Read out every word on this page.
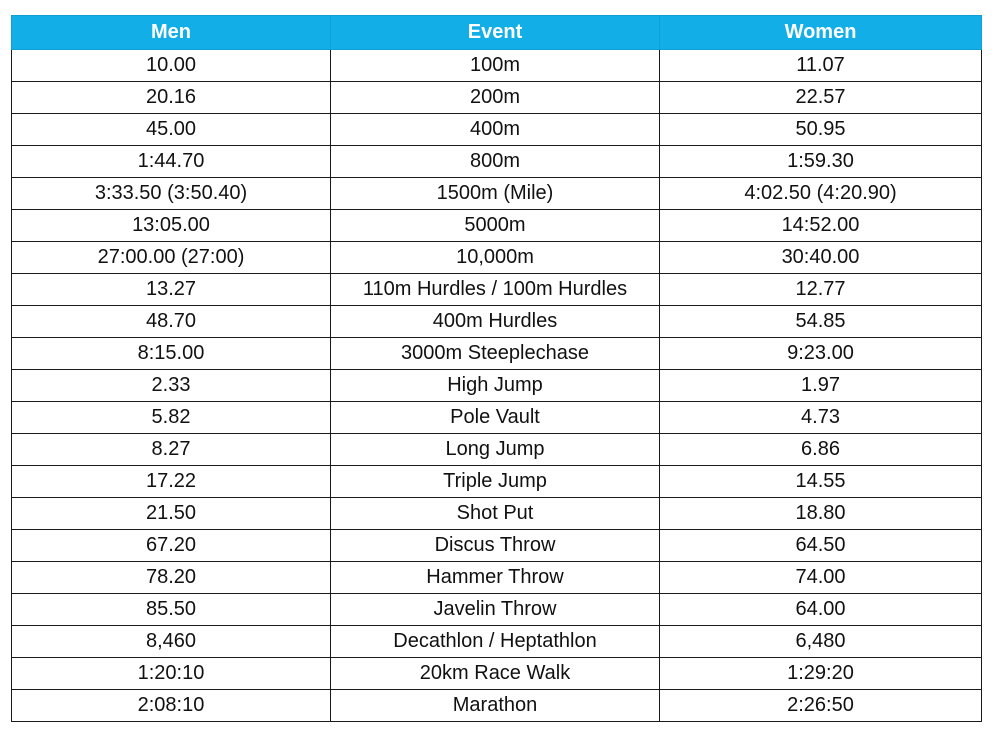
Men	Event	Women
10.00	100m	11.07
20.16	200m	22.57
45.00	400m	50.95
1:44.70	800m	1:59.30
3:33.50 (3:50.40)	1500m (Mile)	4:02.50 (4:20.90)
13:05.00	5000m	14:52.00
27:00.00 (27:00)	10,000m	30:40.00
13.27	110m Hurdles / 100m Hurdles	12.77
48.70	400m Hurdles	54.85
8:15.00	3000m Steeplechase	9:23.00
2.33	High Jump	1.97
5.82	Pole Vault	4.73
8.27	Long Jump	6.86
17.22	Triple Jump	14.55
21.50	Shot Put	18.80
67.20	Discus Throw	64.50
78.20	Hammer Throw	74.00
85.50	Javelin Throw	64.00
8,460	Decathlon / Heptathlon	6,480
1:20:10	20km Race Walk	1:29:20
2:08:10	Marathon	2:26:50
